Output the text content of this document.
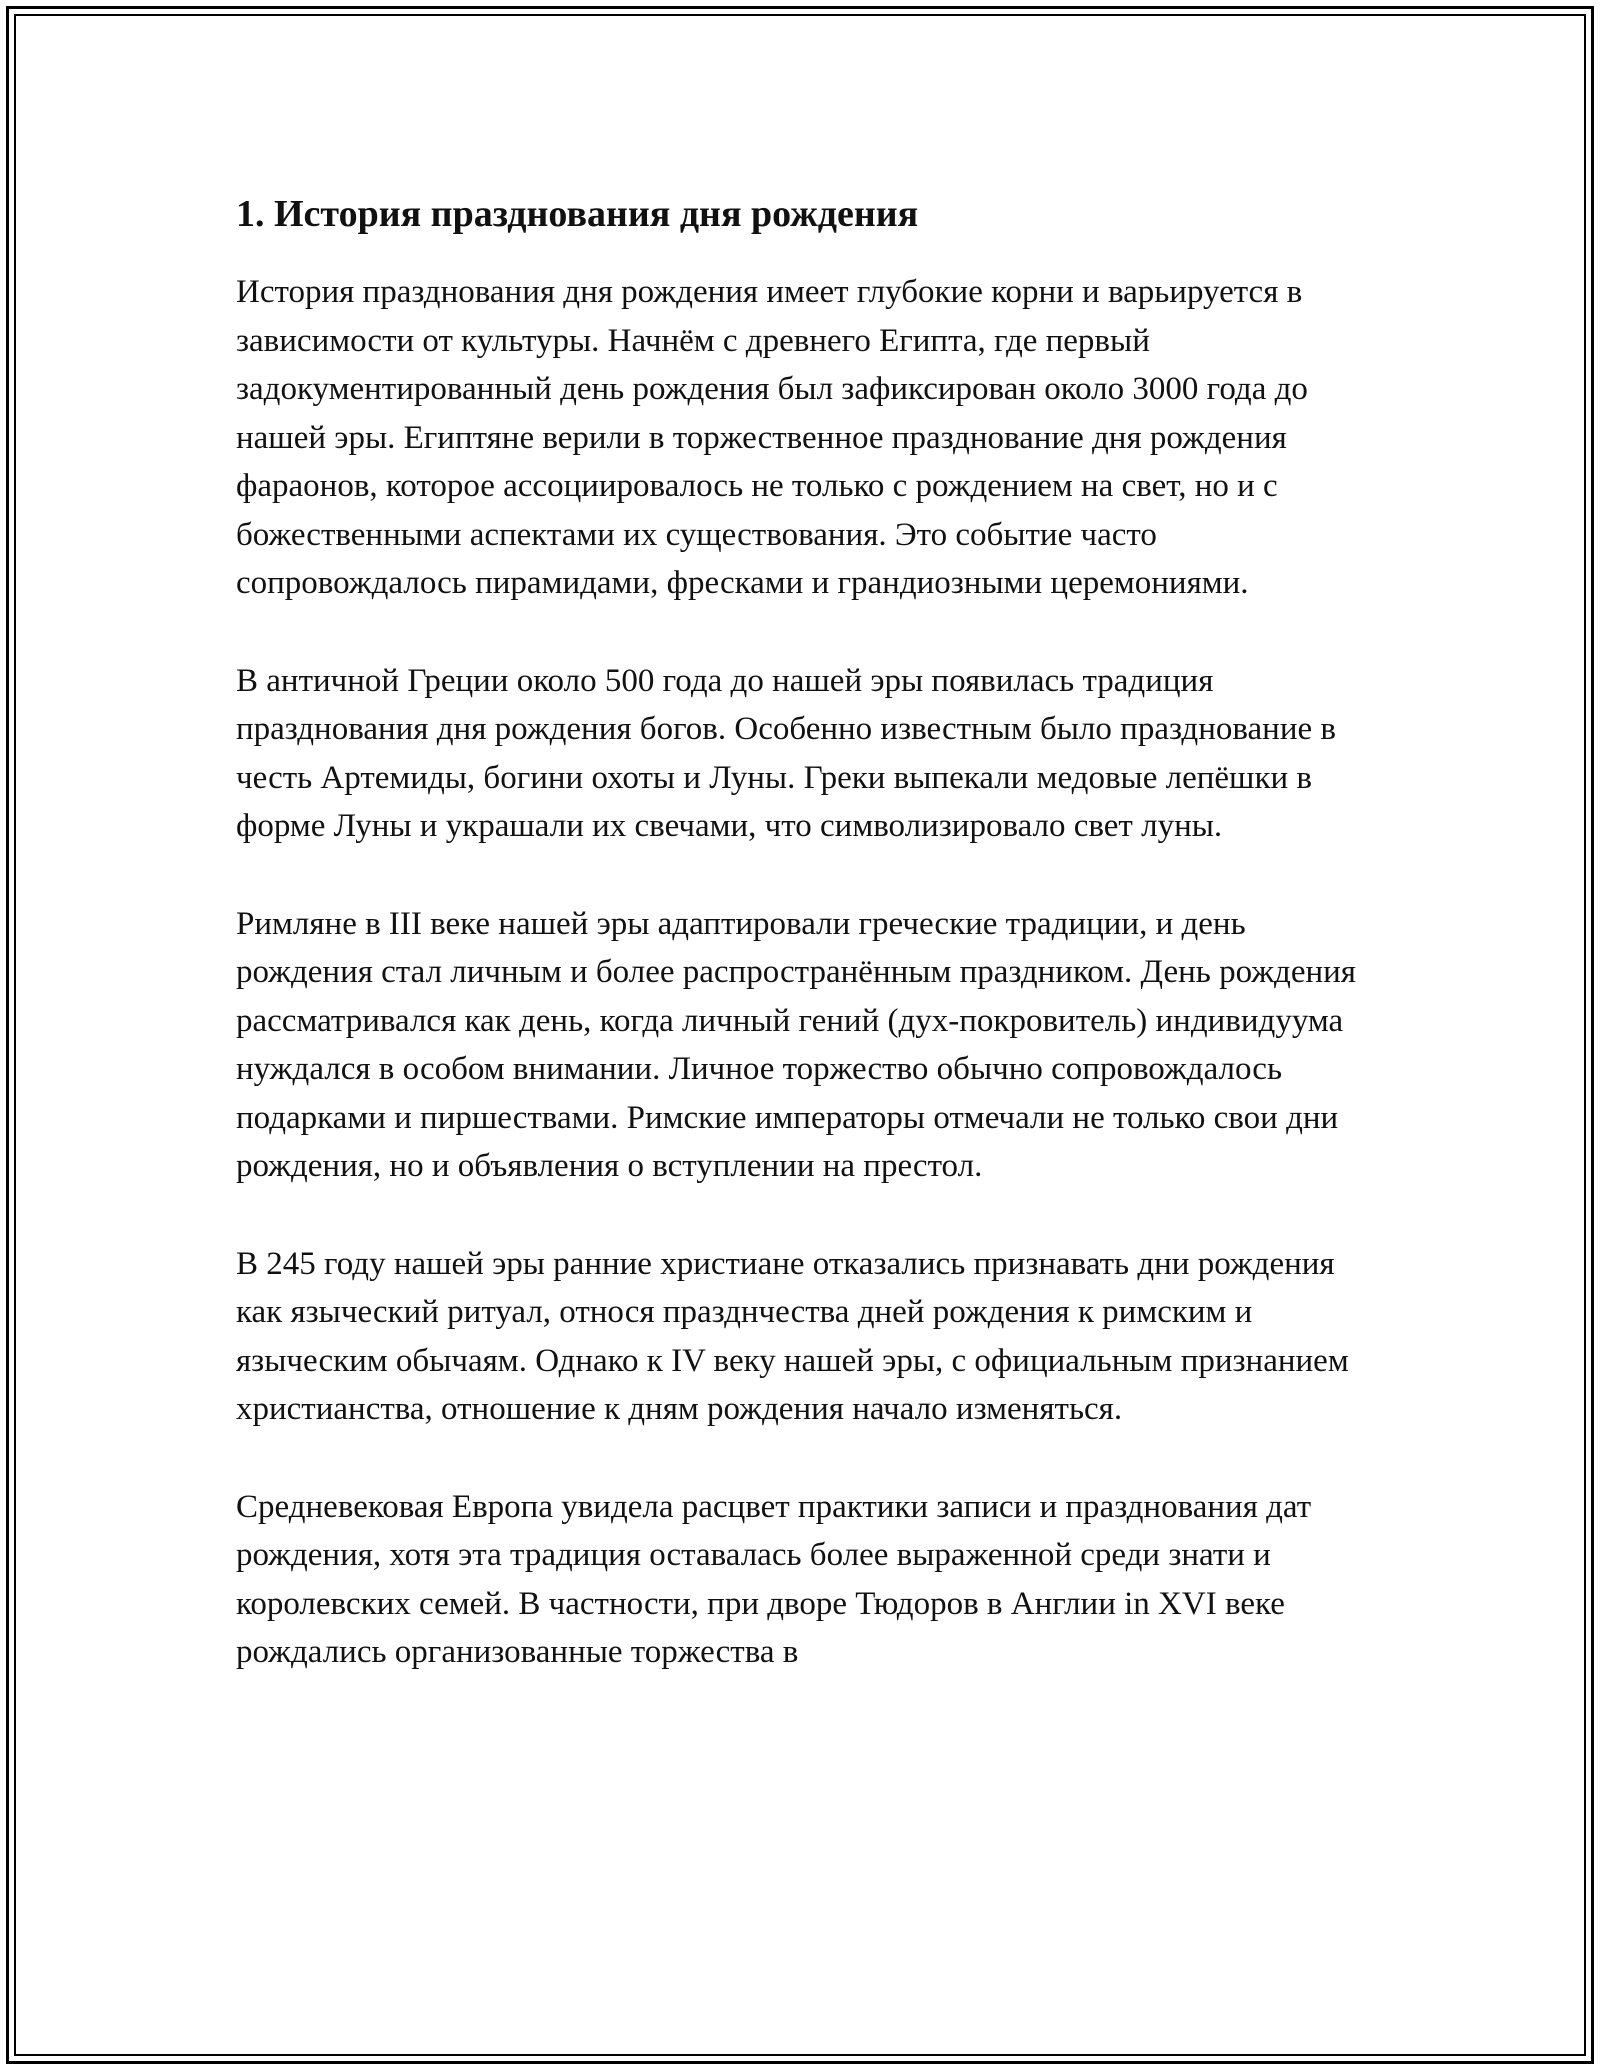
1. История празднования дня рождения

История празднования дня рождения имеет глубокие корни и варьируется в зависимости от культуры. Начнём с древнего Египта, где первый задокументированный день рождения был зафиксирован около 3000 года до нашей эры. Египтяне верили в торжественное празднование дня рождения фараонов, которое ассоциировалось не только с рождением на свет, но и с божественными аспектами их существования. Это событие часто сопровождалось пирамидами, фресками и грандиозными церемониями.

В античной Греции около 500 года до нашей эры появилась традиция празднования дня рождения богов. Особенно известным было празднование в честь Артемиды, богини охоты и Луны. Греки выпекали медовые лепёшки в форме Луны и украшали их свечами, что символизировало свет луны.

Римляне в III веке нашей эры адаптировали греческие традиции, и день рождения стал личным и более распространённым праздником. День рождения рассматривался как день, когда личный гений (дух-покровитель) индивидуума нуждался в особом внимании. Личное торжество обычно сопровождалось подарками и пиршествами. Римские императоры отмечали не только свои дни рождения, но и объявления о вступлении на престол.

В 245 году нашей эры ранние христиане отказались признавать дни рождения как языческий ритуал, относя празднчества дней рождения к римским и языческим обычаям. Однако к IV веку нашей эры, с официальным признанием христианства, отношение к дням рождения начало изменяться.

Средневековая Европа увидела расцвет практики записи и празднования дат рождения, хотя эта традиция оставалась более выраженной среди знати и королевских семей. В частности, при дворе Тюдоров в Англии in XVI веке рождались организованные торжества в
